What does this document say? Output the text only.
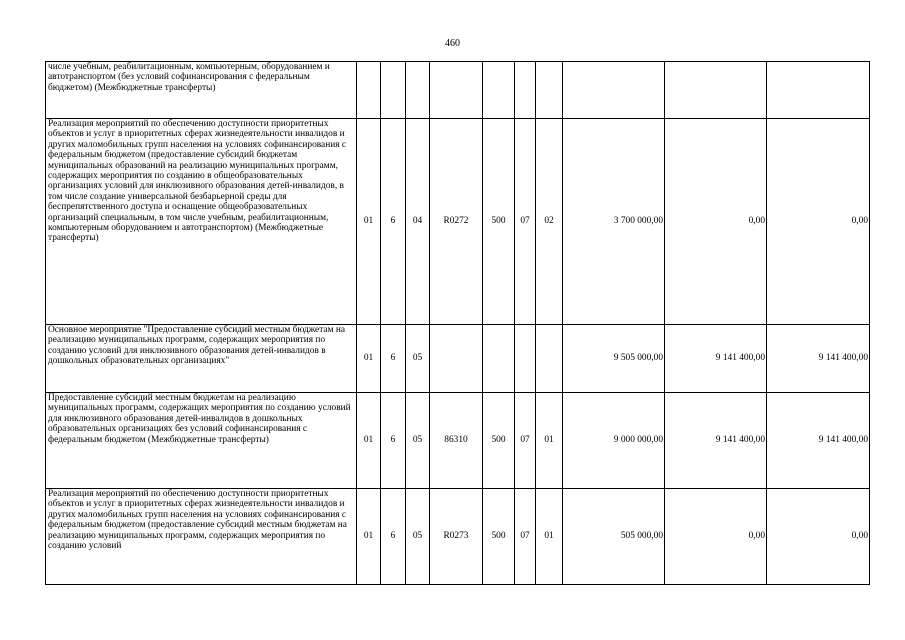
460
числе учебным, реабилитационным, компьютерным, оборудованием и автотранспортом (без условий софинансирования с федеральным бюджетом) (Межбюджетные трансферты)										
Реализация мероприятий по обеспечению доступности приоритетных объектов и услуг в приоритетных сферах жизнедеятельности инвалидов и других маломобильных групп населения на условиях софинансирования с федеральным бюджетом (предоставление субсидий бюджетам муниципальных образований на реализацию муниципальных программ, содержащих мероприятия по созданию в общеобразовательных организациях условий для инклюзивного образования детей-инвалидов, в том числе создание универсальной безбарьерной среды для беспрепятственного доступа и оснащение общеобразовательных организаций специальным, в том числе учебным, реабилитационным, компьютерным оборудованием и автотранспортом) (Межбюджетные трансферты)	01	6	04	R0272	500	07	02	3 700 000,00	0,00	0,00
Основное мероприятие "Предоставление субсидий местным бюджетам на реализацию муниципальных программ, содержащих мероприятия по созданию условий для инклюзивного образования детей-инвалидов в дошкольных образовательных организациях"	01	6	05					9 505 000,00	9 141 400,00	9 141 400,00
Предоставление субсидий местным бюджетам на реализацию муниципальных программ, содержащих мероприятия по созданию условий для инклюзивного образования детей-инвалидов в дошкольных образовательных организациях без условий софинансирования с федеральным бюджетом (Межбюджетные трансферты)	01	6	05	86310	500	07	01	9 000 000,00	9 141 400,00	9 141 400,00
Реализация мероприятий по обеспечению доступности приоритетных объектов и услуг в приоритетных сферах жизнедеятельности инвалидов и других маломобильных групп населения на условиях софинансирования с федеральным бюджетом (предоставление субсидий местным бюджетам на реализацию муниципальных программ, содержащих мероприятия по созданию условий	01	6	05	R0273	500	07	01	505 000,00	0,00	0,00
